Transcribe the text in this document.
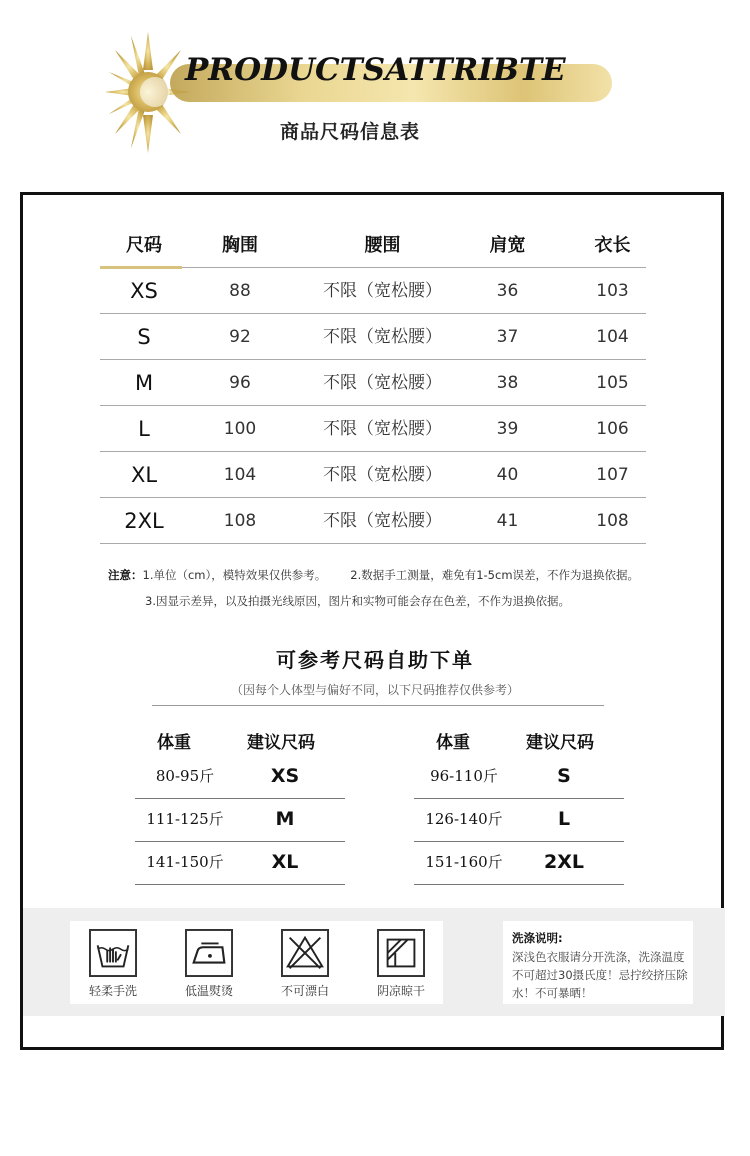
PRODUCTSATTRIBTE
商品尺码信息表
尺码	胸围	腰围	肩宽	衣长
XS	88	不限（宽松腰）	36	103
S	92	不限（宽松腰）	37	104
M	96	不限（宽松腰）	38	105
L	100	不限（宽松腰）	39	106
XL	104	不限（宽松腰）	40	107
2XL	108	不限（宽松腰）	41	108
注意：1.单位（cm），模特效果仅供参考。 2.数据手工测量，难免有1-5cm误差，不作为退换依据。
3.因显示差异，以及拍摄光线原因，图片和实物可能会存在色差，不作为退换依据。
可参考尺码自助下单
（因每个人体型与偏好不同，以下尺码推荐仅供参考）
体重	建议尺码
80-95斤	XS
111-125斤	M
141-150斤	XL
体重	建议尺码
96-110斤	S
126-140斤	L
151-160斤	2XL
轻柔手洗	低温熨烫	不可漂白	阴凉晾干
洗涤说明:
深浅色衣服请分开洗涤，洗涤温度不可超过30摄氏度！忌拧绞挤压除水！不可暴晒！
